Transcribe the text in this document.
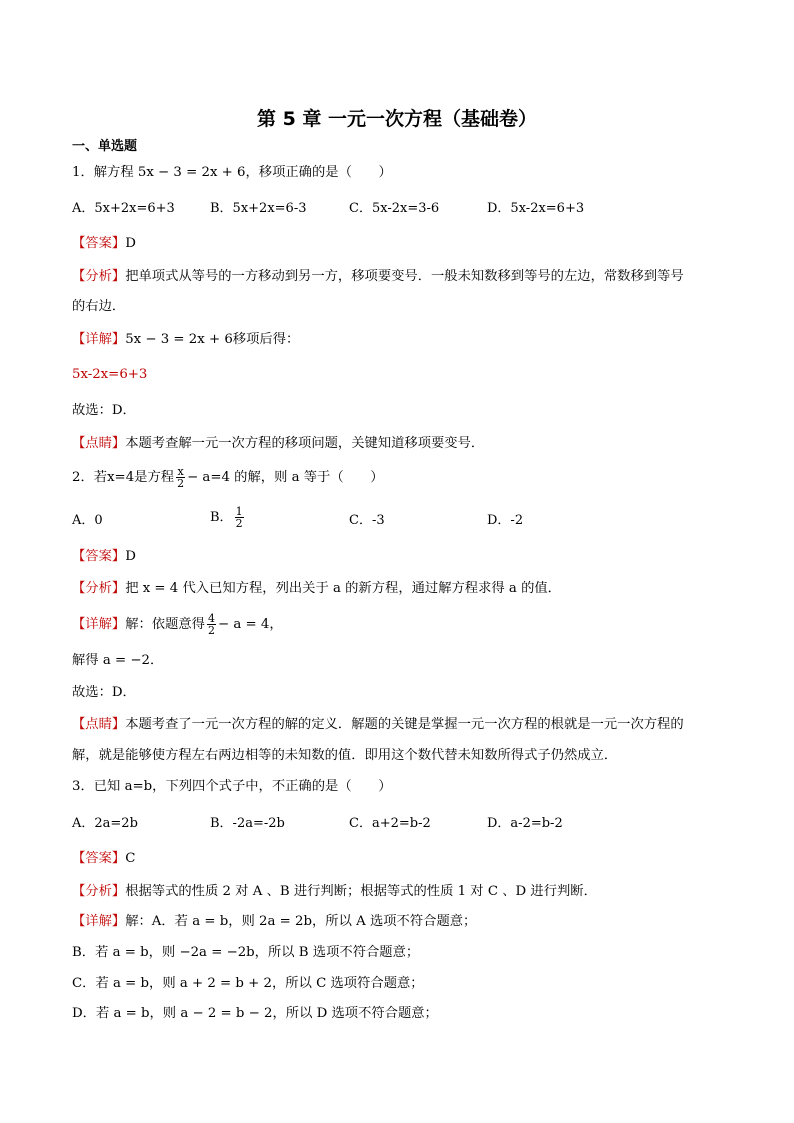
第 5 章 一元一次方程（基础卷）
一、单选题
1．解方程 5x − 3 = 2x + 6，移项正确的是（　　）
A．5x+2x=6+3	B．5x+2x=6-3	C．5x-2x=3-6	D．5x-2x=6+3
【答案】D
【分析】把单项式从等号的一方移动到另一方，移项要变号．一般未知数移到等号的左边，常数移到等号
的右边．
【详解】5x − 3 = 2x + 6移项后得：
5x-2x=6+3
故选：D．
【点睛】本题考查解一元一次方程的移项问题，关键知道移项要变号．
2．若x=4是方程 $\frac{x}{2} - a=4$ 的解，则 a 等于（　　）
A．0	B． $\frac{1}{2}$	C．-3	D．-2
【答案】D
【分析】把 x = 4 代入已知方程，列出关于 a 的新方程，通过解方程求得 a 的值．
【详解】解：依题意得 $\frac{4}{2} - a = 4$，
解得 a = −2．
故选：D．
【点睛】本题考查了一元一次方程的解的定义．解题的关键是掌握一元一次方程的根就是一元一次方程的
解，就是能够使方程左右两边相等的未知数的值．即用这个数代替未知数所得式子仍然成立．
3．已知 a=b，下列四个式子中，不正确的是（　　）
A．2a=2b	B．-2a=-2b	C．a+2=b-2	D．a-2=b-2
【答案】C
【分析】根据等式的性质 2 对 A 、B 进行判断；根据等式的性质 1 对 C 、D 进行判断．
【详解】解：A．若 a = b，则 2a = 2b，所以 A 选项不符合题意；
B．若 a = b，则 −2a = −2b，所以 B 选项不符合题意；
C．若 a = b，则 a + 2 = b + 2，所以 C 选项符合题意；
D．若 a = b，则 a − 2 = b − 2，所以 D 选项不符合题意；
